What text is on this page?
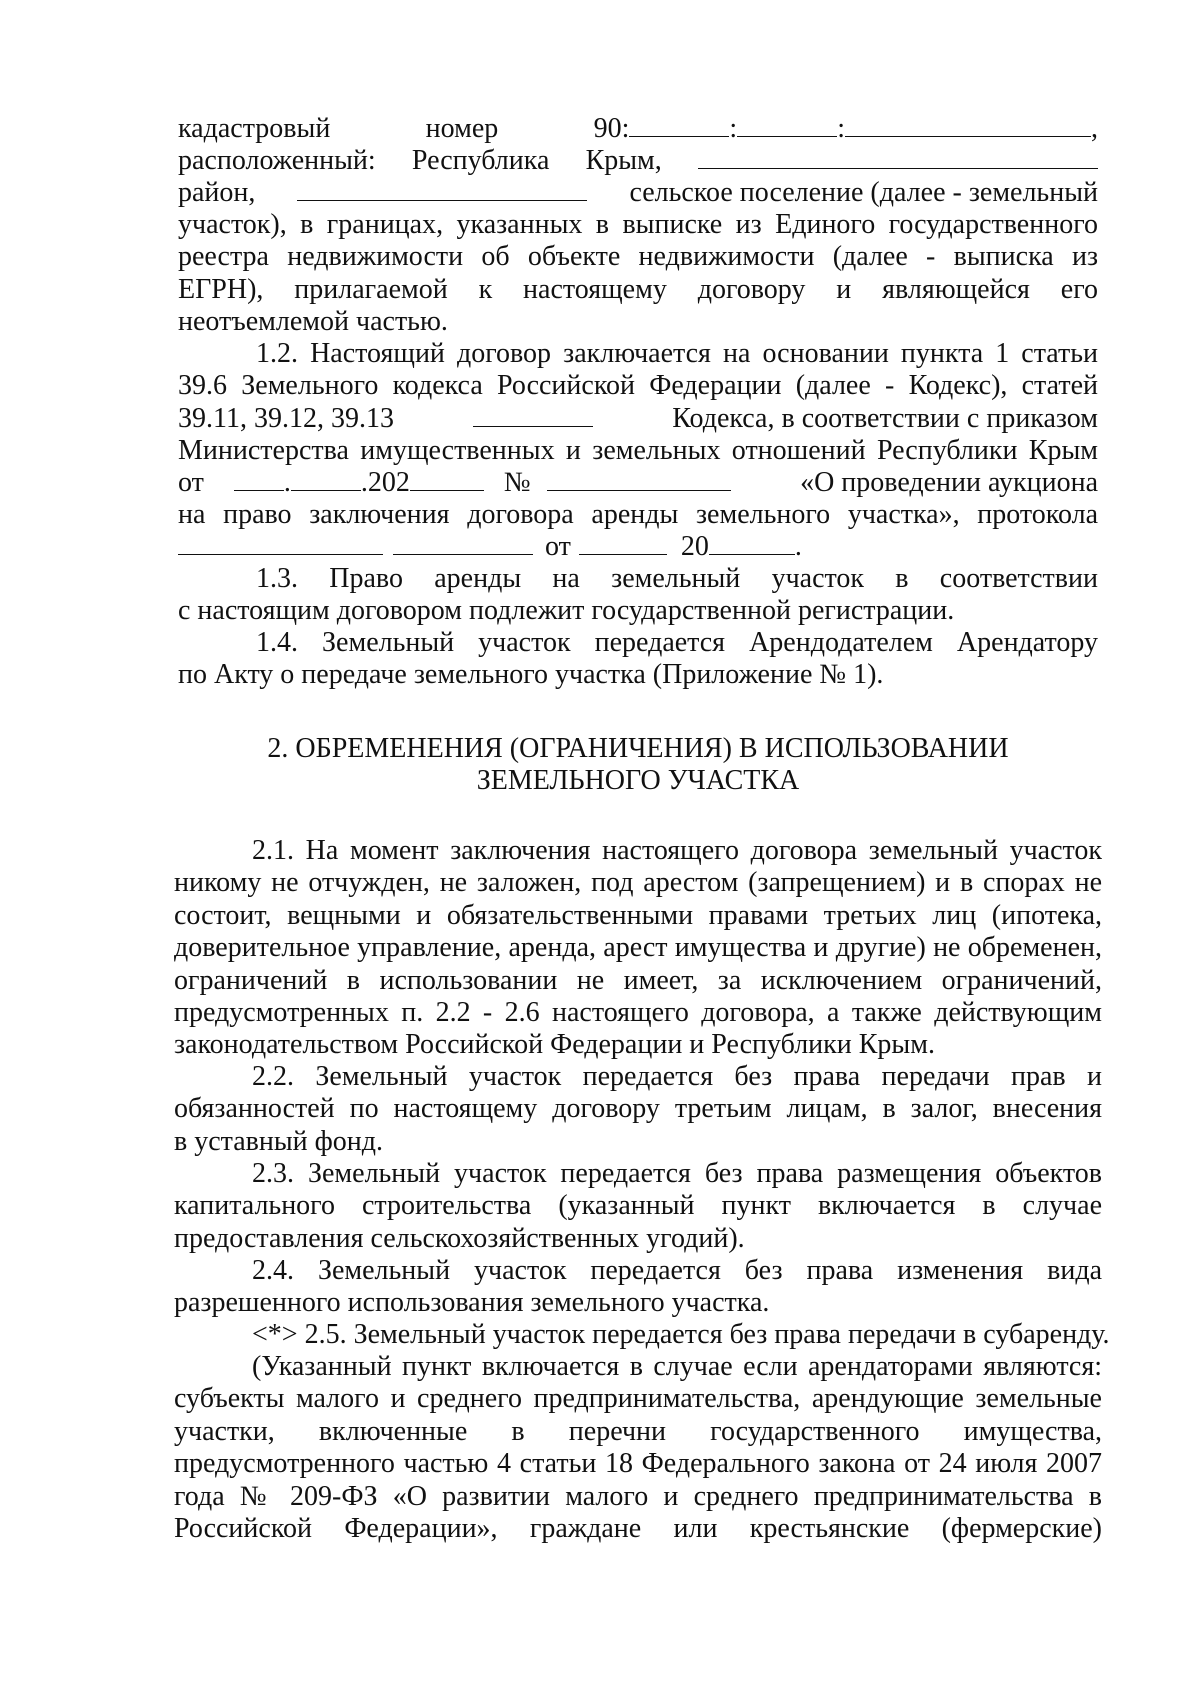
кадастровый	номер	90:	:	:	,
расположенный: Республика Крым,
район,	сельское поселение (далее - земельный

участок), в границах, указанных в выписке из Единого государственного реестра недвижимости об объекте недвижимости (далее - выписка из ЕГРН), прилагаемой к настоящему договору и являющейся его

неотъемлемой частью.

1.2. Настоящий договор заключается на основании пункта 1 статьи 39.6 Земельного кодекса Российской Федерации (далее - Кодекс), статей

39.11, 39.12, 39.13	Кодекса, в соответствии с приказом

Министерства имущественных и земельных отношений Республики Крым

от	.	.202	№	«О проведении аукциона

на право заключения договора аренды земельного участка», протокола

от	20	.

1.3. Право аренды на земельный участок в соответствии

с настоящим договором подлежит государственной регистрации.

1.4. Земельный участок передается Арендодателем Арендатору

по Акту о передаче земельного участка (Приложение № 1).

2. ОБРЕМЕНЕНИЯ (ОГРАНИЧЕНИЯ) В ИСПОЛЬЗОВАНИИ

ЗЕМЕЛЬНОГО УЧАСТКА

2.1. На момент заключения настоящего договора земельный участок никому не отчужден, не заложен, под арестом (запрещением) и в спорах не состоит, вещными и обязательственными правами третьих лиц (ипотека, доверительное управление, аренда, арест имущества и другие) не обременен, ограничений в использовании не имеет, за исключением ограничений, предусмотренных п. 2.2 - 2.6 настоящего договора, а также действующим

законодательством Российской Федерации и Республики Крым.

2.2. Земельный участок передается без права передачи прав и обязанностей по настоящему договору третьим лицам, в залог, внесения

в уставный фонд.

2.3. Земельный участок передается без права размещения объектов капитального строительства (указанный пункт включается в случае

предоставления сельскохозяйственных угодий).

2.4. Земельный участок передается без права изменения вида

разрешенного использования земельного участка.

<*> 2.5. Земельный участок передается без права передачи в субаренду.

(Указанный пункт включается в случае если арендаторами являются: субъекты малого и среднего предпринимательства, арендующие земельные участки, включенные в перечни государственного имущества, предусмотренного частью 4 статьи 18 Федерального закона от 24 июля 2007 года № 209-ФЗ «О развитии малого и среднего предпринимательства в Российской Федерации», граждане или крестьянские (фермерские)
